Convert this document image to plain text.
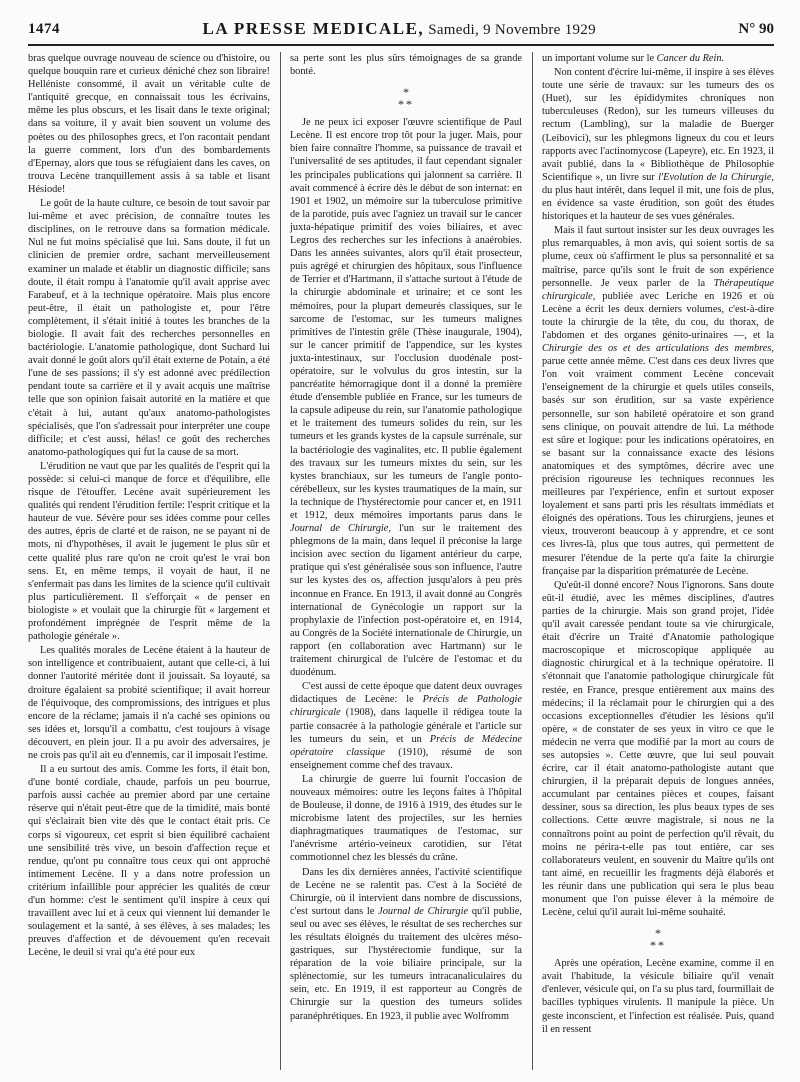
1474	LA PRESSE MEDICALE, Samedi, 9 Novembre 1929	N° 90

bras quelque ouvrage nouveau de science ou d'histoire, ou quelque bouquin rare et curieux déniché chez son libraire! Helléniste consommé, il avait un véritable culte de l'antiquité grecque, en connaissait tous les écrivains, même les plus obscurs, et les lisait dans le texte original; dans sa voiture, il y avait bien souvent un volume des poètes ou des philosophes grecs, et l'on racontait pendant la guerre comment, lors d'un des bombardements d'Epernay, alors que tous se réfugiaient dans les caves, on trouva Lecène tranquillement assis à sa table et lisant Hésiode!

Le goût de la haute culture, ce besoin de tout savoir par lui-même et avec précision, de connaître toutes les disciplines, on le retrouve dans sa formation médicale. Nul ne fut moins spécialisé que lui. Sans doute, il fut un clinicien de premier ordre, sachant merveilleusement examiner un malade et établir un diagnostic difficile; sans doute, il était rompu à l'anatomie qu'il avait apprise avec Farabeuf, et à la technique opératoire. Mais plus encore peut-être, il était un pathologiste et, pour l'être complètement, il s'était initié à toutes les branches de la biologie. Il avait fait des recherches personnelles en bactériologie. L'anatomie pathologique, dont Suchard lui avait donné le goût alors qu'il était externe de Potain, a été l'une de ses passions; il s'y est adonné avec prédilection pendant toute sa carrière et il y avait acquis une maîtrise telle que son opinion faisait autorité en la matière et que c'était à lui, autant qu'aux anatomo-pathologistes spécialisés, que l'on s'adressait pour interpréter une coupe difficile; et c'est aussi, hélas! ce goût des recherches anatomo-pathologiques qui fut la cause de sa mort.

L'érudition ne vaut que par les qualités de l'esprit qui la possède: si celui-ci manque de force et d'équilibre, elle risque de l'étouffer. Lecène avait supérieurement les qualités qui rendent l'érudition fertile: l'esprit critique et la hauteur de vue. Sévère pour ses idées comme pour celles des autres, épris de clarté et de raison, ne se payant ni de mots, ni d'hypothèses, il avait le jugement le plus sûr et cette qualité plus rare qu'on ne croit qu'est le vrai bon sens. Et, en même temps, il voyait de haut, il ne s'enfermait pas dans les limites de la science qu'il cultivait plus particulièrement. Il s'efforçait « de penser en biologiste » et voulait que la chirurgie fût « largement et profondément imprégnée de l'esprit même de la pathologie générale ».

Les qualités morales de Lecène étaient à la hauteur de son intelligence et contribuaient, autant que celle-ci, à lui donner l'autorité méritée dont il jouissait. Sa loyauté, sa droiture égalaient sa probité scientifique; il avait horreur de l'équivoque, des compromissions, des intrigues et plus encore de la réclame; jamais il n'a caché ses opinions ou ses idées et, lorsqu'il a combattu, c'est toujours à visage découvert, en plein jour. Il a pu avoir des adversaires, je ne crois pas qu'il ait eu d'ennemis, car il imposait l'estime.

Il a eu surtout des amis. Comme les forts, il était bon, d'une bonté cordiale, chaude, parfois un peu bourrue, parfois aussi cachée au premier abord par une certaine réserve qui n'était peut-être que de la timidité, mais bonté qui s'éclairait bien vite dès que le contact était pris. Ce corps si vigoureux, cet esprit si bien équilibré cachaient une sensibilité très vive, un besoin d'affection reçue et rendue, qu'ont pu connaître tous ceux qui ont approché intimement Lecène. Il y a dans notre profession un critérium infaillible pour apprécier les qualités de cœur d'un homme: c'est le sentiment qu'il inspire à ceux qui travaillent avec lui et à ceux qui viennent lui demander le soulagement et la santé, à ses élèves, à ses malades; les preuves d'affection et de dévouement qu'en recevait Lecène, le deuil si vrai qu'a été pour eux

sa perte sont les plus sûrs témoignages de sa grande bonté.

*
**

Je ne peux ici exposer l'œuvre scientifique de Paul Lecène. Il est encore trop tôt pour la juger. Mais, pour bien faire connaître l'homme, sa puissance de travail et l'universalité de ses aptitudes, il faut cependant signaler les principales publications qui jalonnent sa carrière. Il avait commencé à écrire dès le début de son internat: en 1901 et 1902, un mémoire sur la tuberculose primitive de la parotide, puis avec l'agniez un travail sur le cancer juxta-hépatique primitif des voies biliaires, et avec Legros des recherches sur les infections à anaérobies. Dans les années suivantes, alors qu'il était prosecteur, puis agrégé et chirurgien des hôpitaux, sous l'influence de Terrier et d'Hartmann, il s'attache surtout à l'étude de la chirurgie abdominale et urinaire; et ce sont les mémoires, pour la plupart demeurés classiques, sur le sarcome de l'estomac, sur les tumeurs malignes primitives de l'intestin grêle (Thèse inaugurale, 1904), sur le cancer primitif de l'appendice, sur les kystes juxta-intestinaux, sur l'occlusion duodénale post-opératoire, sur le volvulus du gros intestin, sur la pancréatite hémorragique dont il a donné la première étude d'ensemble publiée en France, sur les tumeurs de la capsule adipeuse du rein, sur l'anatomie pathologique et le traitement des tumeurs solides du rein, sur les tumeurs et les grands kystes de la capsule surrénale, sur la bactériologie des vaginalites, etc. Il publie également des travaux sur les tumeurs mixtes du sein, sur les kystes branchiaux, sur les tumeurs de l'angle ponto-cérébelleux, sur les kystes traumatiques de la main, sur la technique de l'hystérectomie pour cancer et, en 1911 et 1912, deux mémoires importants parus dans le Journal de Chirurgie, l'un sur le traitement des phlegmons de la main, dans lequel il préconise la large incision avec section du ligament antérieur du carpe, pratique qui s'est généralisée sous son influence, l'autre sur les kystes des os, affection jusqu'alors à peu près inconnue en France. En 1913, il avait donné au Congrès international de Gynécologie un rapport sur la prophylaxie de l'infection post-opératoire et, en 1914, au Congrès de la Société internationale de Chirurgie, un rapport (en collaboration avec Hartmann) sur le traitement chirurgical de l'ulcère de l'estomac et du duodénum.

C'est aussi de cette époque que datent deux ouvrages didactiques de Lecène: le Précis de Pathologie chirurgicale (1908), dans laquelle il rédigea toute la partie consacrée à la pathologie générale et l'article sur les tumeurs du sein, et un Précis de Médecine opératoire classique (1910), résumé de son enseignement comme chef des travaux.

La chirurgie de guerre lui fournit l'occasion de nouveaux mémoires: outre les leçons faites à l'hôpital de Bouleuse, il donne, de 1916 à 1919, des études sur le microbisme latent des projectiles, sur les hernies diaphragmatiques traumatiques de l'estomac, sur l'anévrisme artério-veineux carotidien, sur l'état commotionnel chez les blessés du crâne.

Dans les dix dernières années, l'activité scientifique de Lecène ne se ralentit pas. C'est à la Société de Chirurgie, où il intervient dans nombre de discussions, c'est surtout dans le Journal de Chirurgie qu'il publie, seul ou avec ses élèves, le résultat de ses recherches sur les résultats éloignés du traitement des ulcères méso-gastriques, sur l'hystérectomie fundique, sur la réparation de la voie biliaire principale, sur la splénectomie, sur les tumeurs intracanaliculaires du sein, etc. En 1919, il est rapporteur au Congrès de Chirurgie sur la question des tumeurs solides paranéphrétiques. En 1923, il publie avec Wolfromm

un important volume sur le Cancer du Rein.

Non content d'écrire lui-même, il inspire à ses élèves toute une série de travaux: sur les tumeurs des os (Huet), sur les épididymites chroniques non tuberculeuses (Redon), sur les tumeurs villeuses du rectum (Lambling), sur la maladie de Buerger (Leibovici), sur les phlegmons ligneux du cou et leurs rapports avec l'actinomycose (Lapeyre), etc. En 1923, il avait publié, dans la « Bibliothèque de Philosophie Scientifique », un livre sur l'Evolution de la Chirurgie, du plus haut intérêt, dans lequel il mit, une fois de plus, en évidence sa vaste érudition, son goût des études historiques et la hauteur de ses vues générales.

Mais il faut surtout insister sur les deux ouvrages les plus remarquables, à mon avis, qui soient sortis de sa plume, ceux où s'affirment le plus sa personnalité et sa maîtrise, parce qu'ils sont le fruit de son expérience personnelle. Je veux parler de la Thérapeutique chirurgicale, publiée avec Leriche en 1926 et où Lecène a écrit les deux derniers volumes, c'est-à-dire toute la chirurgie de la tête, du cou, du thorax, de l'abdomen et des organes génito-urinaires —, et la Chirurgie des os et des articulations des membres, parue cette année même. C'est dans ces deux livres que l'on voit vraiment comment Lecène concevait l'enseignement de la chirurgie et quels utiles conseils, basés sur son érudition, sur sa vaste expérience personnelle, sur son habileté opératoire et son grand sens clinique, on pouvait attendre de lui. La méthode est sûre et logique: pour les indications opératoires, en se basant sur la connaissance exacte des lésions anatomiques et des symptômes, décrire avec une précision rigoureuse les techniques reconnues les meilleures par l'expérience, enfin et surtout exposer loyalement et sans parti pris les résultats immédiats et éloignés des opérations. Tous les chirurgiens, jeunes et vieux, trouveront beaucoup à y apprendre, et ce sont ces livres-là, plus que tous autres, qui permettent de mesurer l'étendue de la perte qu'a faite la chirurgie française par la disparition prématurée de Lecène.

Qu'eût-il donné encore? Nous l'ignorons. Sans doute eût-il étudié, avec les mêmes disciplines, d'autres parties de la chirurgie. Mais son grand projet, l'idée qu'il avait caressée pendant toute sa vie chirurgicale, était d'écrire un Traité d'Anatomie pathologique macroscopique et microscopique appliquée au diagnostic chirurgical et à la technique opératoire. Il s'étonnait que l'anatomie pathologique chirurgicale fût restée, en France, presque entièrement aux mains des médecins; il la réclamait pour le chirurgien qui a des occasions exceptionnelles d'étudier les lésions qu'il opère, « de constater de ses yeux in vitro ce que le médecin ne verra que modifié par la mort au cours de ses autopsies ». Cette œuvre, que lui seul pouvait écrire, car il était anatomo-pathologiste autant que chirurgien, il la préparait depuis de longues années, accumulant par centaines pièces et coupes, faisant dessiner, sous sa direction, les plus beaux types de ses collections. Cette œuvre magistrale, si nous ne la connaîtrons point au point de perfection qu'il rêvait, du moins ne périra-t-elle pas tout entière, car ses collaborateurs veulent, en souvenir du Maître qu'ils ont tant aimé, en recueillir les fragments déjà élaborés et les réunir dans une publication qui sera le plus beau monument que l'on puisse élever à la mémoire de Lecène, celui qu'il aurait lui-même souhaité.

*
**

Après une opération, Lecène examine, comme il en avait l'habitude, la vésicule biliaire qu'il venait d'enlever, vésicule qui, on l'a su plus tard, fourmillait de bacilles typhiques virulents. Il manipule la pièce. Un geste inconscient, et l'infection est réalisée. Puis, quand il en ressent
